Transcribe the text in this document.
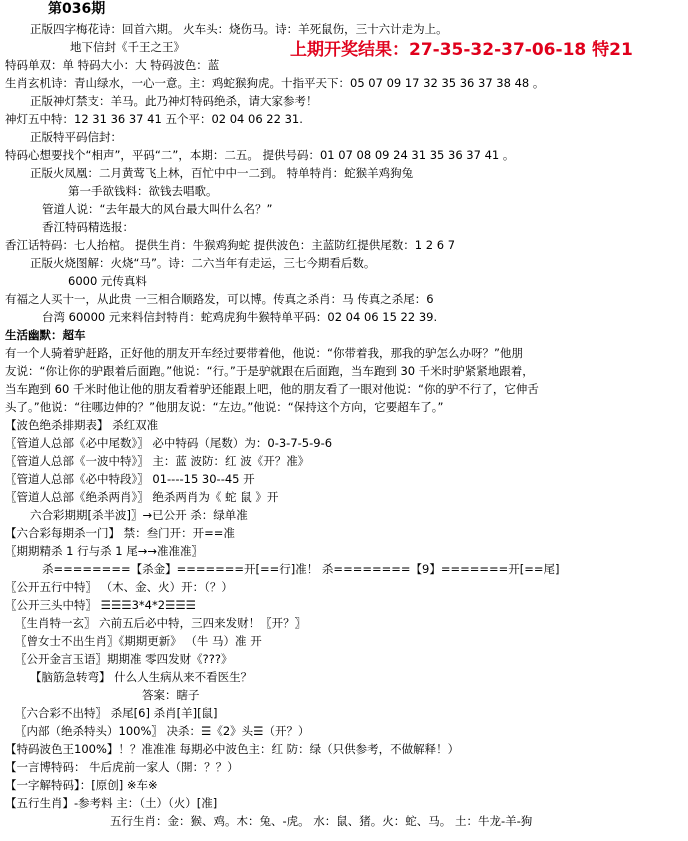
第036期
上期开奖结果：27-35-32-37-06-18 特21
正版四字梅花诗：回首六期。 火车头：烧伤马。诗：羊死鼠伤，三十六计走为上。
地下信封《千王之王》
特码单双：单 特码大小：大 特码波色：蓝
生肖玄机诗：青山绿水，一心一意。主：鸡蛇猴狗虎。十指平天下：05 07 09 17 32 35 36 37 38 48 。
正版神灯禁支：羊马。此乃神灯特码绝杀，请大家参考！
神灯五中特：12 31 36 37 41 五个平：02 04 06 22 31.
正版特平码信封：
特码心想要找个“相声”，平码“二”，本期：二五。 提供号码：01 07 08 09 24 31 35 36 37 41 。
正版火凤凰：二月黄莺飞上林，百忙中中一二到。 特单特肖：蛇猴羊鸡狗兔
第一手欲钱料：欲钱去唱歌。
管道人说：“去年最大的风台最大叫什么名？”
香江特码精选报：
香江话特码：七人抬棺。 提供生肖：牛猴鸡狗蛇 提供波色：主蓝防红提供尾数：1 2 6 7
正版火烧图解：火烧“马”。诗：二六当年有走运，三七今期看后数。
6000 元传真料
有福之人买十一，从此贵 一三相合顺路发，可以博。传真之杀肖：马 传真之杀尾：6
台湾 60000 元来料信封特肖：蛇鸡虎狗牛猴特单平码：02 04 06 15 22 39.
生活幽默：超车
有一个人骑着驴赶路，正好他的朋友开车经过要带着他，他说：“你带着我，那我的驴怎么办呀？”他朋
友说：“你让你的驴跟着后面跑。”他说：“行。”于是驴就跟在后面跑，当车跑到 30 千米时驴紧紧地跟着，
当车跑到 60 千米时他让他的朋友看着驴还能跟上吧，他的朋友看了一眼对他说：“你的驴不行了，它伸舌
头了。”他说：“往哪边伸的？”他朋友说：“左边。”他说：“保持这个方向，它要超车了。”
【波色绝杀排期表】 杀红双准
〖管道人总部《必中尾数》〗 必中特码（尾数）为：0-3-7-5-9-6
〖管道人总部《一波中特》〗 主：蓝 波防：红 波《开？准》
〖管道人总部《必中特段》〗 01----15 30--45 开
〖管道人总部《绝杀两肖》〗 绝杀两肖为《 蛇 鼠 》开
六合彩期期[杀半波]〗→已公开 杀：绿单准
【六合彩每期杀一门】 禁：叁门开：开==准
〖期期精杀 1 行与杀 1 尾→→准准准〗
杀========【杀金】=======开[==行]准！ 杀========【9】=======开[==尾]
〖公开五行中特〗 （木、金、火）开：（？）
〖公开三头中特〗 ☰☰☰3*4*2☰☰☰
〖生肖特一玄〗 六前五后必中特，三四来发财！〖开？〗
〖曾女士不出生肖〗《期期更新》 （牛 马）准 开
〖公开金言玉语〗期期准 零四发财《???》
【脑筋急转弯】 什么人生病从来不看医生？
答案：瞎子
〖六合彩不出特〗 杀尾[6] 杀肖[羊][鼠]
〖内部（绝杀特头）100%〗 决杀：☰《2》头☰（开？）
【特码波色王100%】！？准准准 每期必中波色主：红 防：绿（只供参考，不做解释！）
【一言博特码： 牛后虎前一家人（開：？？）
【一字解特码】：[原创] ※车※
【五行生肖】-参考料 主：（土）（火）[准]
五行生肖：金：猴、鸡。木：兔、-虎。 水：鼠、猪。火：蛇、马。 土：牛龙-羊-狗
